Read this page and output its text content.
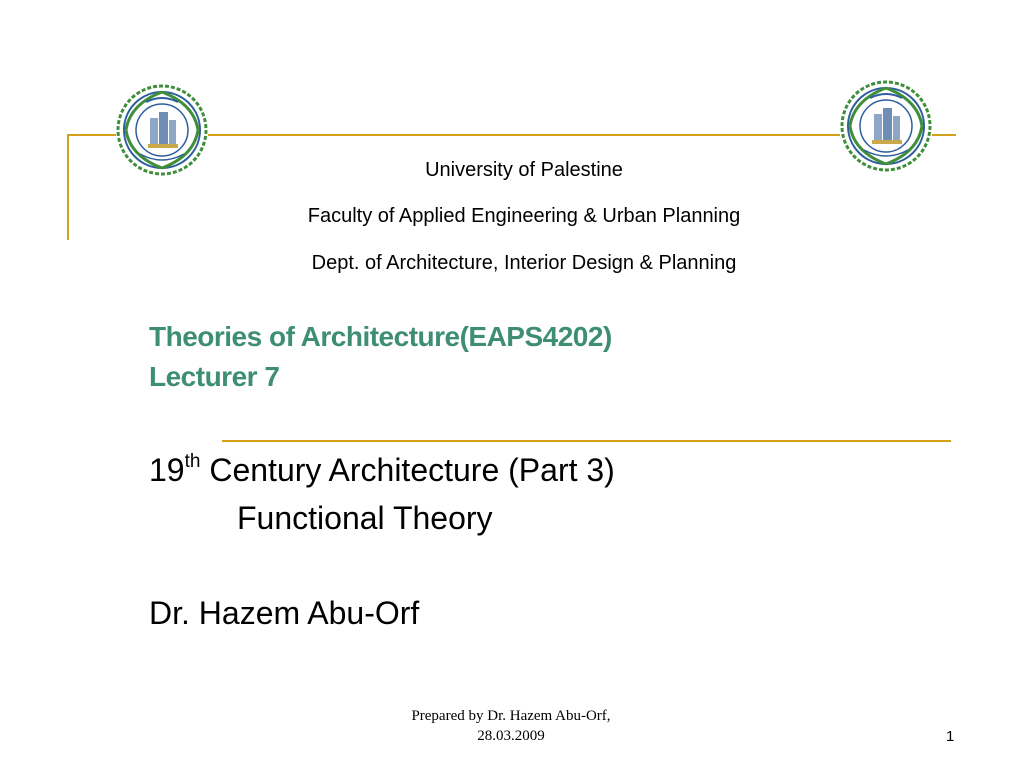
University of Palestine
Faculty of Applied Engineering & Urban Planning
Dept. of Architecture, Interior Design & Planning
Theories of Architecture(EAPS4202)
Lecturer 7
19th Century Architecture (Part 3)
Functional Theory
Dr. Hazem Abu-Orf
Prepared by Dr. Hazem Abu-Orf,
28.03.2009	1
